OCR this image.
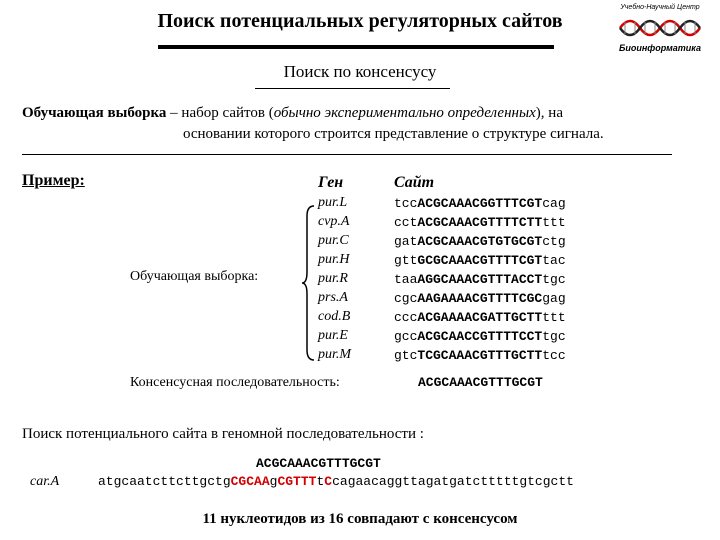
Поиск потенциальных регуляторных сайтов
Учебно-Научный Центр
Биоинформатика
Поиск по консенсусу
Обучающая выборка – набор сайтов (обычно экспериментально определенных), на
основании которого строится представление о структуре сигнала.
Пример:	Ген	Сайт
pur.L	tccACGCAAACGGTTTCGTcag
cvp.A	cctACGCAAACGTTTTCTTttt
pur.C	gatACGCAAACGTGTGCGTctg
pur.H	gttGCGCAAACGTTTTCGTtac
pur.R	taaAGGCAAACGTTTACCTtgc
prs.A	cgcAAGAAAACGTTTTCGCgag
cod.B	cccACGAAAACGATTGCTTttt
pur.E	gccACGCAACCGTTTTCCTtgc
pur.M	gtcTCGCAAACGTTTGCTTtcc
Обучающая выборка:
Консенсусная последовательность:	ACGCAAACGTTTGCGT
Поиск потенциального сайта в геномной последовательности :
ACGCAAACGTTTGCGT
car.A	atgcaatcttcttgctgCGCAAgCGTTTtCcagaacaggttagatgatctttttgtcgctt
11 нуклеотидов из 16 совпадают с консенсусом
